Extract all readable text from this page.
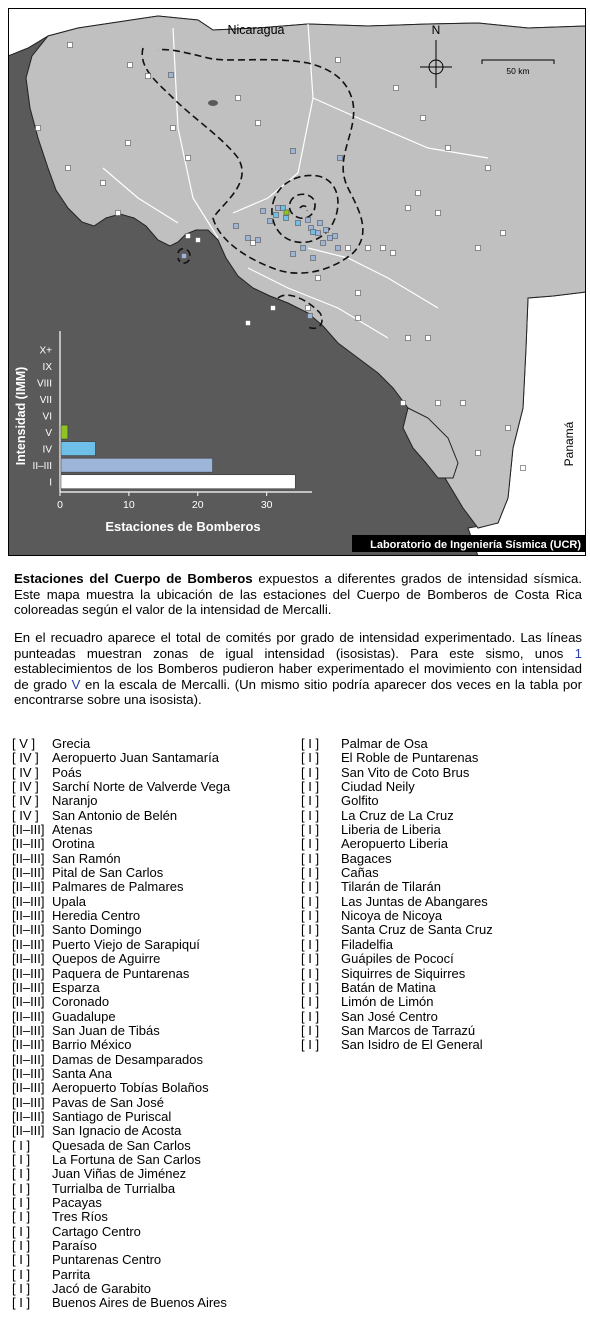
Nicaragua
Panamá
N
50 km
X+
IX
VIII
VII
VI
V
IV
II–III
I
0	10	20	30
Estaciones de Bomberos
Intensidad (IMM)
Laboratorio de Ingeniería Sísmica (UCR)
Estaciones del Cuerpo de Bomberos expuestos a diferentes grados de intensidad sísmica. Este mapa muestra la ubicación de las estaciones del Cuerpo de Bomberos de Costa Rica coloreadas según el valor de la intensidad de Mercalli.
En el recuadro aparece el total de comités por grado de intensidad experimentado. Las líneas punteadas muestran zonas de igual intensidad (isosistas). Para este sismo, unos 1 establecimientos de los Bomberos pudieron haber experimentado el movimiento con intensidad de grado V en la escala de Mercalli. (Un mismo sitio podría aparecer dos veces en la tabla por encontrarse sobre una isosista).
[ V ] Grecia
[ IV ] Aeropuerto Juan Santamaría
[ IV ] Poás
[ IV ] Sarchí Norte de Valverde Vega
[ IV ] Naranjo
[ IV ] San Antonio de Belén
[II–III] Atenas
[II–III] Orotina
[II–III] San Ramón
[II–III] Pital de San Carlos
[II–III] Palmares de Palmares
[II–III] Upala
[II–III] Heredia Centro
[II–III] Santo Domingo
[II–III] Puerto Viejo de Sarapiquí
[II–III] Quepos de Aguirre
[II–III] Paquera de Puntarenas
[II–III] Esparza
[II–III] Coronado
[II–III] Guadalupe
[II–III] San Juan de Tibás
[II–III] Barrio México
[II–III] Damas de Desamparados
[II–III] Santa Ana
[II–III] Aeropuerto Tobías Bolaños
[II–III] Pavas de San José
[II–III] Santiago de Puriscal
[II–III] San Ignacio de Acosta
[ I ] Quesada de San Carlos
[ I ] La Fortuna de San Carlos
[ I ] Juan Viñas de Jiménez
[ I ] Turrialba de Turrialba
[ I ] Pacayas
[ I ] Tres Ríos
[ I ] Cartago Centro
[ I ] Paraíso
[ I ] Puntarenas Centro
[ I ] Parrita
[ I ] Jacó de Garabito
[ I ] Buenos Aires de Buenos Aires
[ I ] Palmar de Osa
[ I ] El Roble de Puntarenas
[ I ] San Vito de Coto Brus
[ I ] Ciudad Neily
[ I ] Golfito
[ I ] La Cruz de La Cruz
[ I ] Liberia de Liberia
[ I ] Aeropuerto Liberia
[ I ] Bagaces
[ I ] Cañas
[ I ] Tilarán de Tilarán
[ I ] Las Juntas de Abangares
[ I ] Nicoya de Nicoya
[ I ] Santa Cruz de Santa Cruz
[ I ] Filadelfia
[ I ] Guápiles de Pococí
[ I ] Siquirres de Siquirres
[ I ] Batán de Matina
[ I ] Limón de Limón
[ I ] San José Centro
[ I ] San Marcos de Tarrazú
[ I ] San Isidro de El General
